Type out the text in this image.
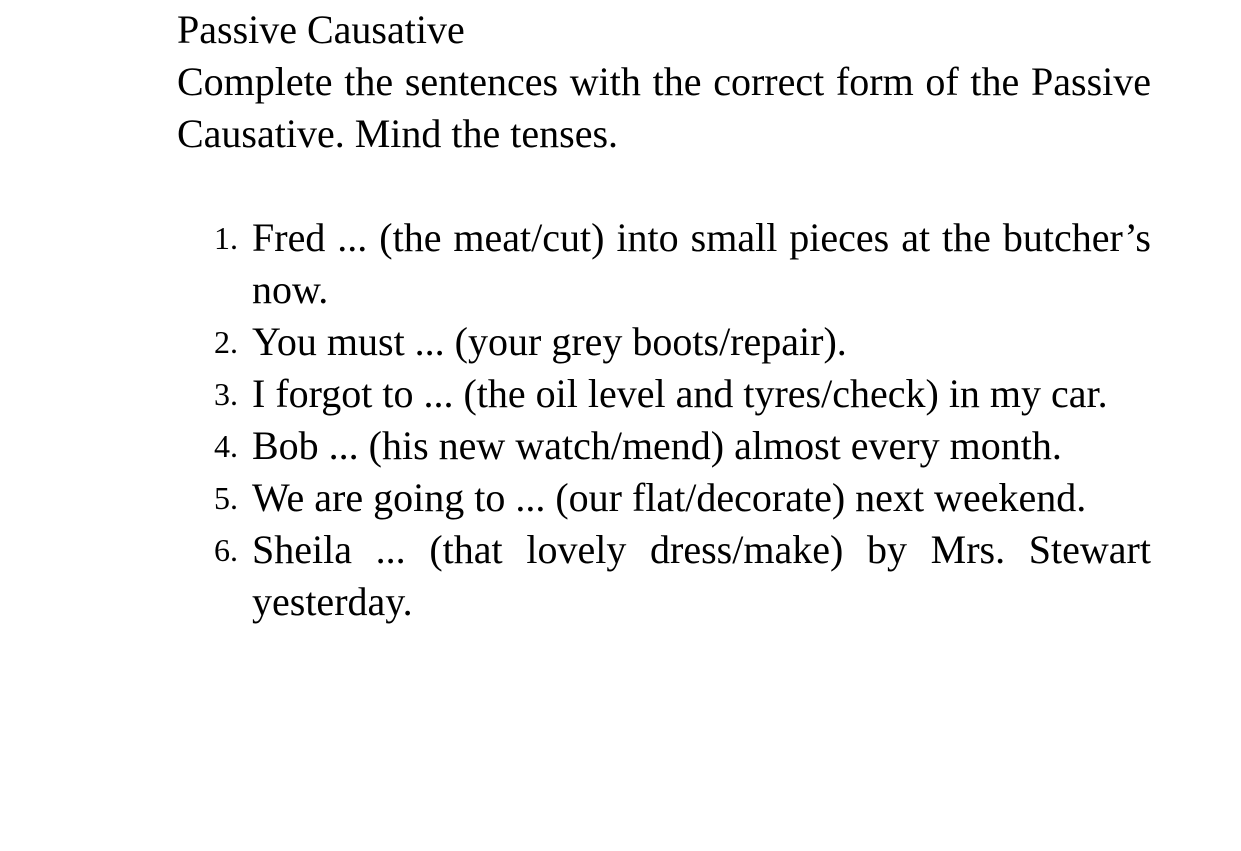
Passive Causative

Complete the sentences with the correct form of the Passive Causative. Mind the tenses.

1. Fred ... (the meat/cut) into small pieces at the butcher’s now.
2. You must ... (your grey boots/repair).
3. I forgot to ... (the oil level and tyres/check) in my car.
4. Bob ... (his new watch/mend) almost every month.
5. We are going to ... (our flat/decorate) next weekend.
6. Sheila ... (that lovely dress/make) by Mrs. Stewart yesterday.
